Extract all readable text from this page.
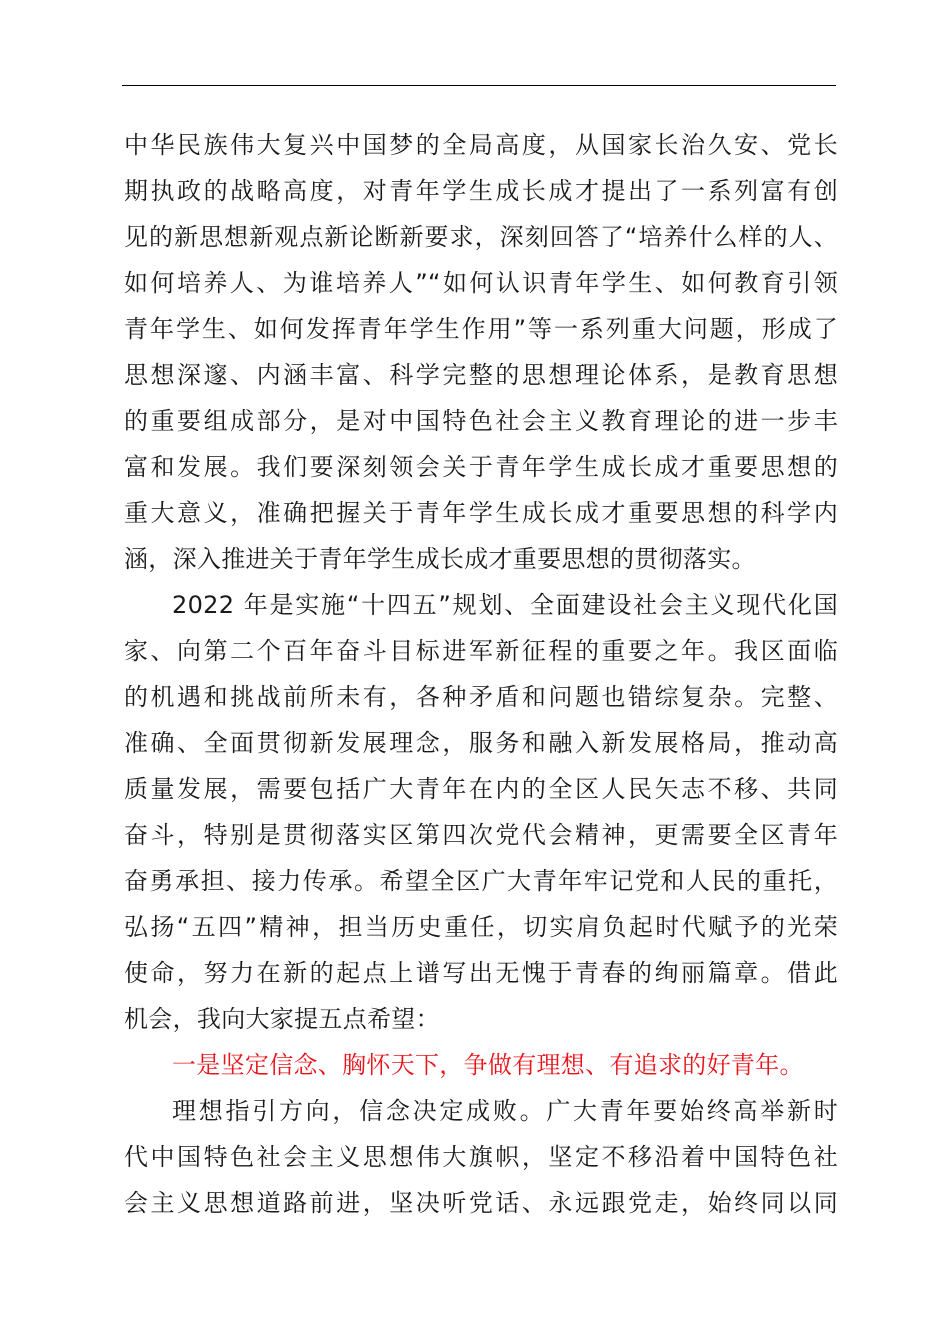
中华民族伟大复兴中国梦的全局高度，从国家长治久安、党长
期执政的战略高度，对青年学生成长成才提出了一系列富有创
见的新思想新观点新论断新要求，深刻回答了“培养什么样的人、
如何培养人、为谁培养人”“如何认识青年学生、如何教育引领
青年学生、如何发挥青年学生作用”等一系列重大问题，形成了
思想深邃、内涵丰富、科学完整的思想理论体系，是教育思想
的重要组成部分，是对中国特色社会主义教育理论的进一步丰
富和发展。我们要深刻领会关于青年学生成长成才重要思想的
重大意义，准确把握关于青年学生成长成才重要思想的科学内
涵，深入推进关于青年学生成长成才重要思想的贯彻落实。
2022 年是实施“十四五”规划、全面建设社会主义现代化国
家、向第二个百年奋斗目标进军新征程的重要之年。我区面临
的机遇和挑战前所未有，各种矛盾和问题也错综复杂。完整、
准确、全面贯彻新发展理念，服务和融入新发展格局，推动高
质量发展，需要包括广大青年在内的全区人民矢志不移、共同
奋斗，特别是贯彻落实区第四次党代会精神，更需要全区青年
奋勇承担、接力传承。希望全区广大青年牢记党和人民的重托，
弘扬“五四”精神，担当历史重任，切实肩负起时代赋予的光荣
使命，努力在新的起点上谱写出无愧于青春的绚丽篇章。借此
机会，我向大家提五点希望：
一是坚定信念、胸怀天下，争做有理想、有追求的好青年。
理想指引方向，信念决定成败。广大青年要始终高举新时
代中国特色社会主义思想伟大旗帜，坚定不移沿着中国特色社
会主义思想道路前进，坚决听党话、永远跟党走，始终同以同
